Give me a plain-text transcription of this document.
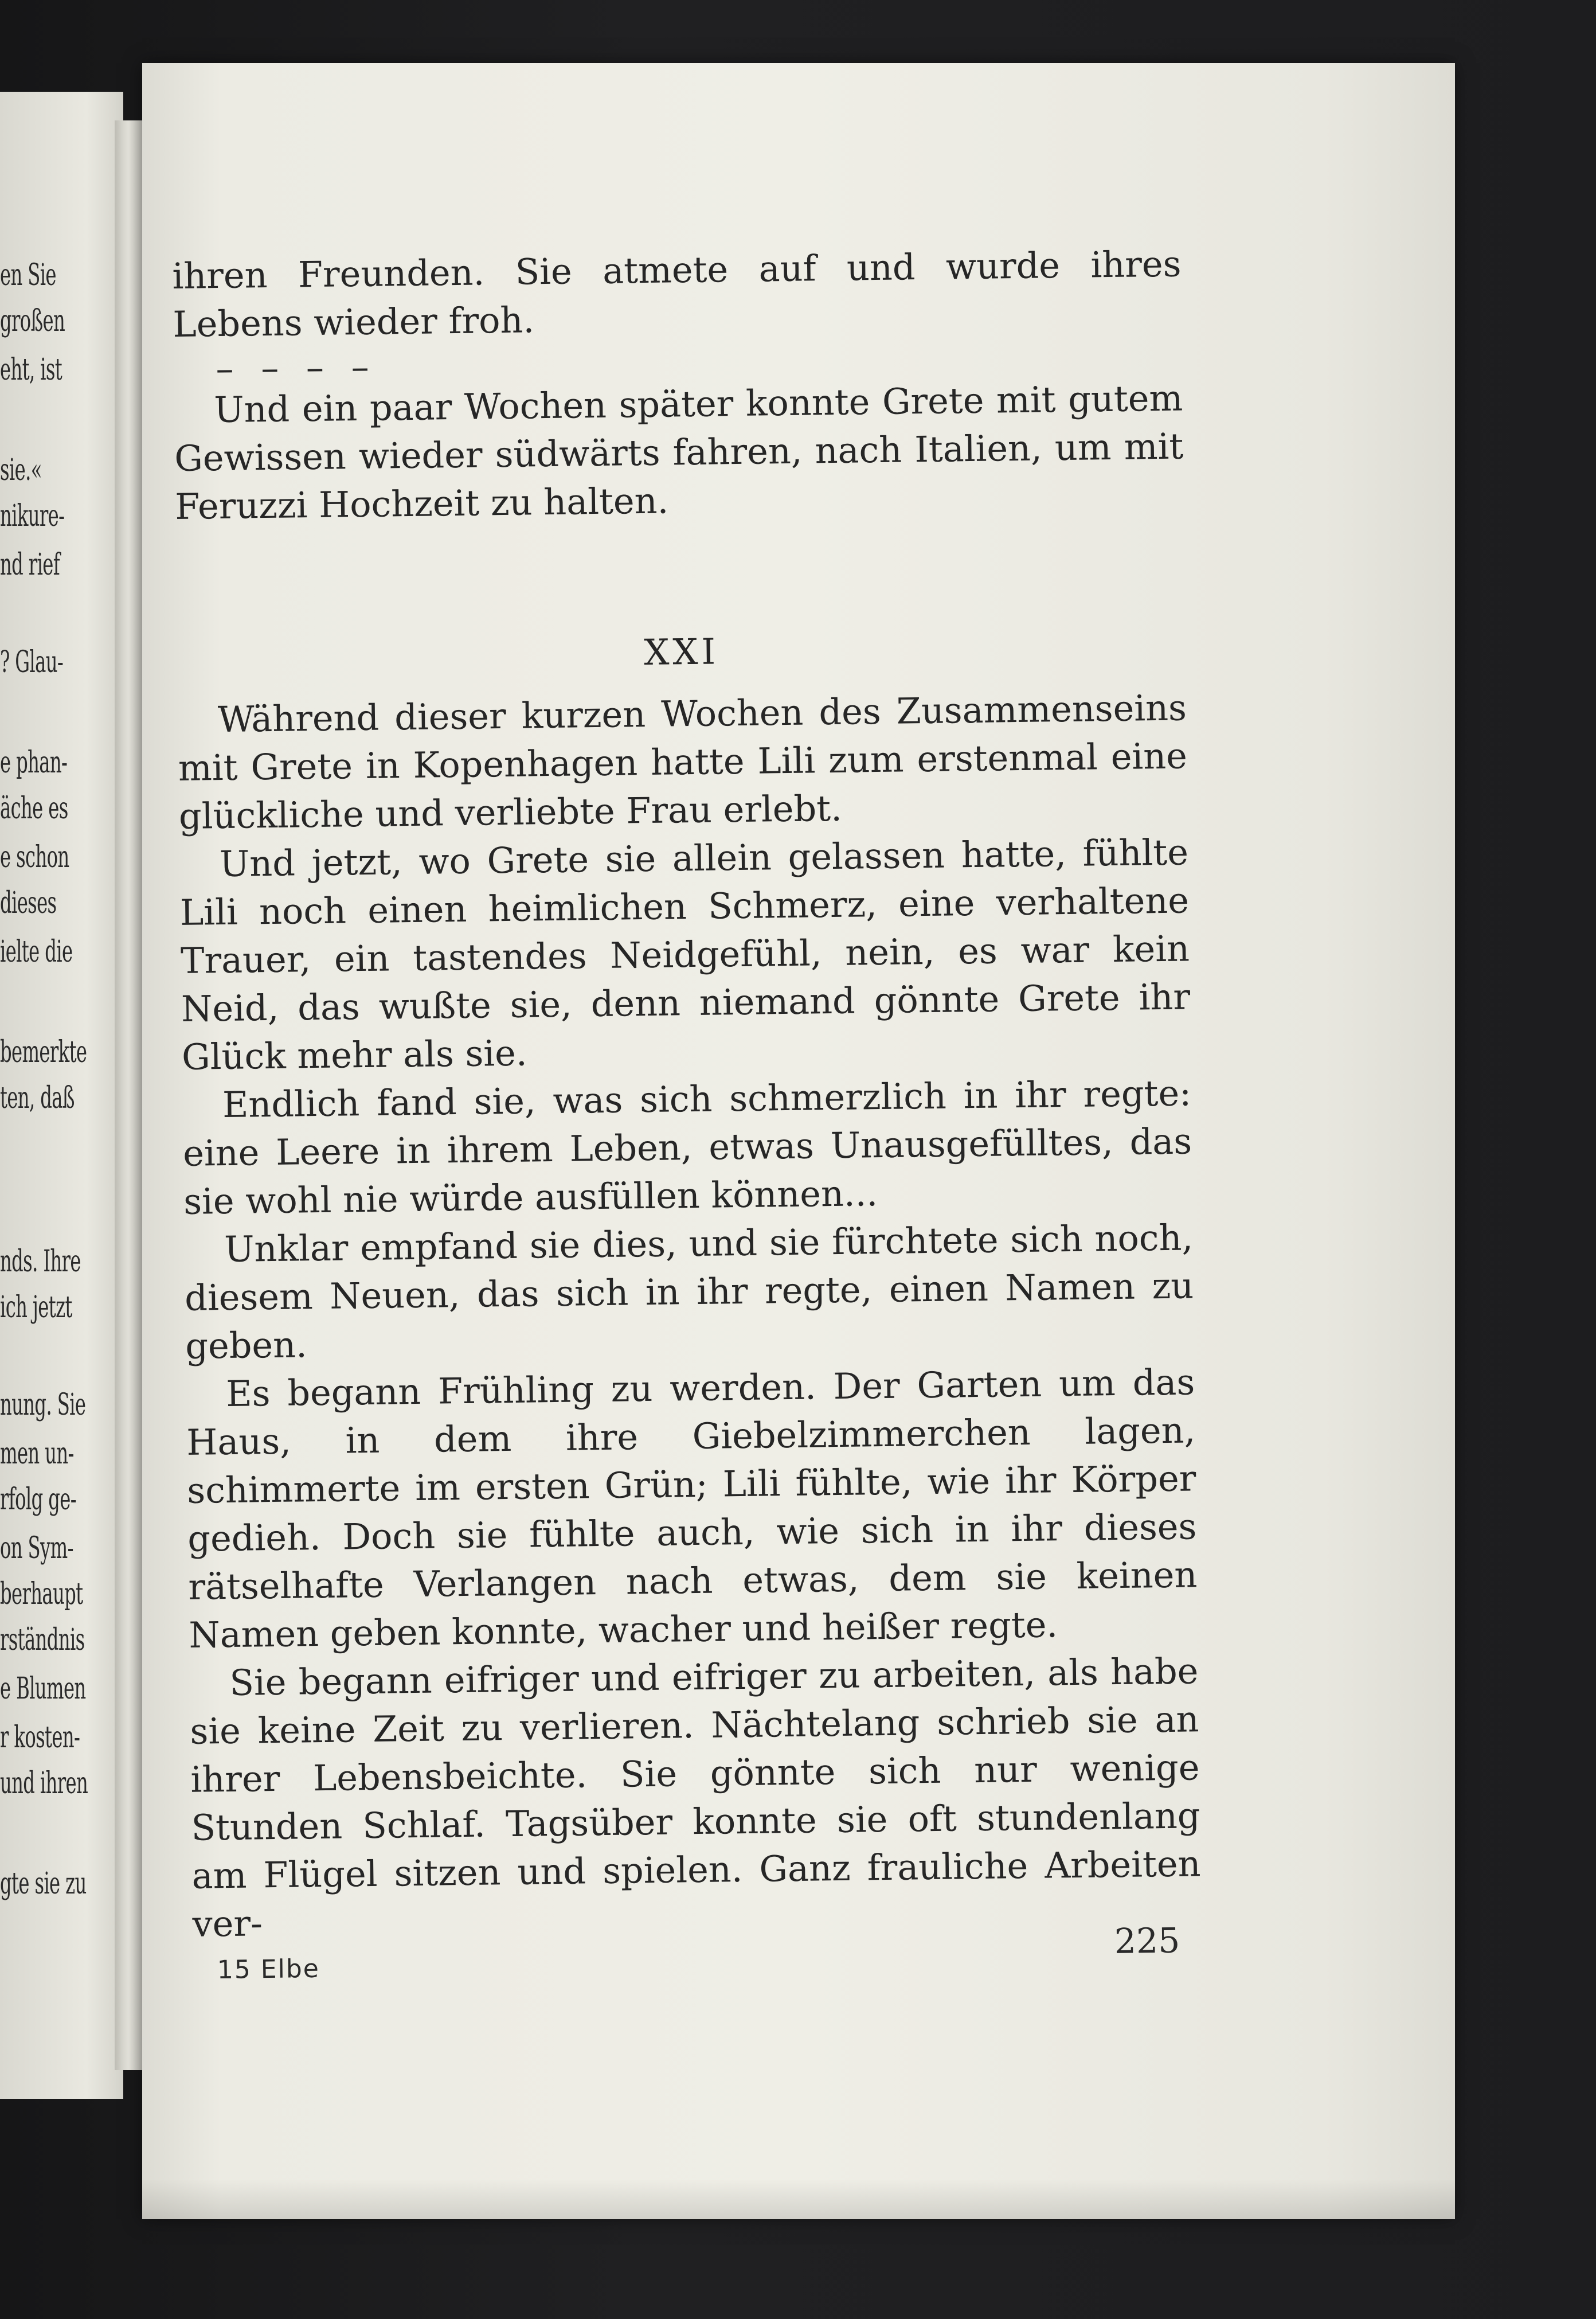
en Sie
großen
eht, ist
sie.«
nikure-
nd rief
? Glau-
e phan-
äche es
e schon
dieses
ielte die
bemerkte
ten, daß
nds. Ihre
ich jetzt
nung. Sie
men un-
rfolg ge-
on Sym-
berhaupt
rständnis
e Blumen
r kosten-
und ihren
gte sie zu

ihren Freunden. Sie atmete auf und wurde ihres Lebens wieder froh.

– – – –

Und ein paar Wochen später konnte Grete mit gutem Gewissen wieder südwärts fahren, nach Italien, um mit Feruzzi Hochzeit zu halten.

XXI

Während dieser kurzen Wochen des Zusammenseins mit Grete in Kopenhagen hatte Lili zum erstenmal eine glückliche und verliebte Frau erlebt.

Und jetzt, wo Grete sie allein gelassen hatte, fühlte Lili noch einen heimlichen Schmerz, eine verhaltene Trauer, ein tastendes Neidgefühl, nein, es war kein Neid, das wußte sie, denn niemand gönnte Grete ihr Glück mehr als sie.

Endlich fand sie, was sich schmerzlich in ihr regte: eine Leere in ihrem Leben, etwas Unausgefülltes, das sie wohl nie würde ausfüllen können...

Unklar empfand sie dies, und sie fürchtete sich noch, diesem Neuen, das sich in ihr regte, einen Namen zu geben.

Es begann Frühling zu werden. Der Garten um das Haus, in dem ihre Giebelzimmerchen lagen, schimmerte im ersten Grün; Lili fühlte, wie ihr Körper gedieh. Doch sie fühlte auch, wie sich in ihr dieses rätselhafte Verlangen nach etwas, dem sie keinen Namen geben konnte, wacher und heißer regte.

Sie begann eifriger und eifriger zu arbeiten, als habe sie keine Zeit zu verlieren. Nächtelang schrieb sie an ihrer Lebensbeichte. Sie gönnte sich nur wenige Stunden Schlaf. Tagsüber konnte sie oft stundenlang am Flügel sitzen und spielen. Ganz frauliche Arbeiten ver-

15 Elbe
225
